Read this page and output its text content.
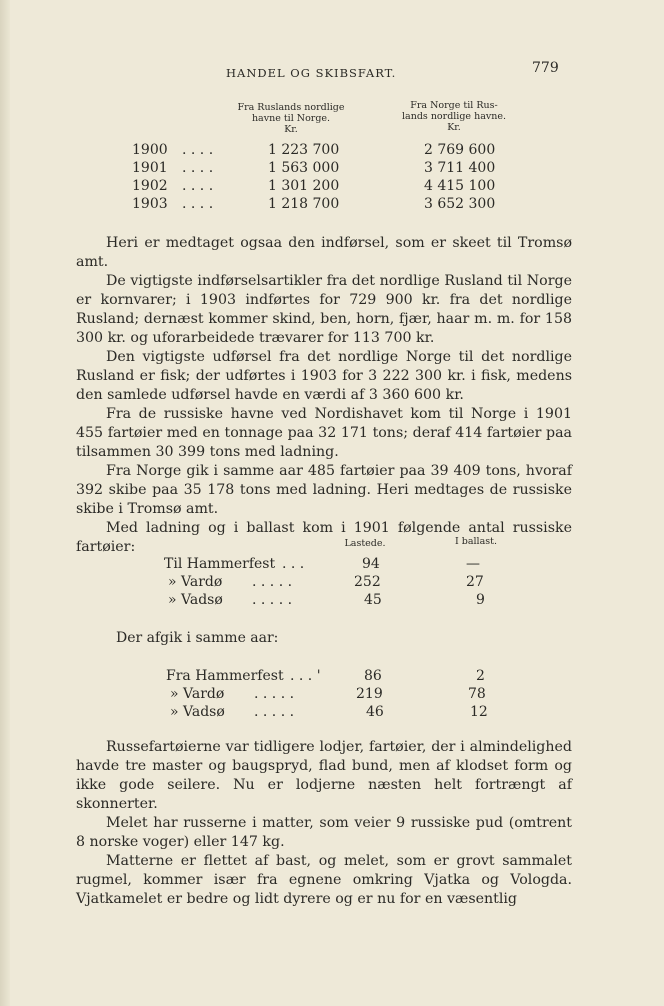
HANDEL OG SKIBSFART.	779
Fra Ruslands nordlige
havne til Norge.
Kr.
Fra Norge til Rus-
lands nordlige havne.
Kr.
1900 . . . .	1 223 700	2 769 600
1901 . . . .	1 563 000	3 711 400
1902 . . . .	1 301 200	4 415 100
1903 . . . .	1 218 700	3 652 300

Heri er medtaget ogsaa den indførsel, som er skeet til Tromsø amt.

De vigtigste indførselsartikler fra det nordlige Rusland til Norge er kornvarer; i 1903 indførtes for 729 900 kr. fra det nordlige Rusland; dernæst kommer skind, ben, horn, fjær, haar m. m. for 158 300 kr. og uforarbeidede trævarer for 113 700 kr.

Den vigtigste udførsel fra det nordlige Norge til det nordlige Rusland er fisk; der udførtes i 1903 for 3 222 300 kr. i fisk, medens den samlede udførsel havde en værdi af 3 360 600 kr.

Fra de russiske havne ved Nordishavet kom til Norge i 1901 455 fartøier med en tonnage paa 32 171 tons; deraf 414 fartøier paa tilsammen 30 399 tons med ladning.

Fra Norge gik i samme aar 485 fartøier paa 39 409 tons, hvoraf 392 skibe paa 35 178 tons med ladning. Heri medtages de russiske skibe i Tromsø amt.

Med ladning og i ballast kom i 1901 følgende antal russiske fartøier:	Lastede.	I ballast.
Til Hammerfest . . .	94	—
» Vardø . . . . .	252	27
» Vadsø . . . . .	45	9
Der afgik i samme aar:
Fra Hammerfest . . . '	86	2
» Vardø . . . . .	219	78
» Vadsø . . . . .	46	12

Russefartøierne var tidligere lodjer, fartøier, der i almindelighed havde tre master og baugspryd, flad bund, men af klodset form og ikke gode seilere. Nu er lodjerne næsten helt fortrængt af skonnerter.

Melet har russerne i matter, som veier 9 russiske pud (omtrent 8 norske voger) eller 147 kg.

Matterne er flettet af bast, og melet, som er grovt sammalet rugmel, kommer især fra egnene omkring Vjatka og Vologda. Vjatkamelet er bedre og lidt dyrere og er nu for en væsentlig
